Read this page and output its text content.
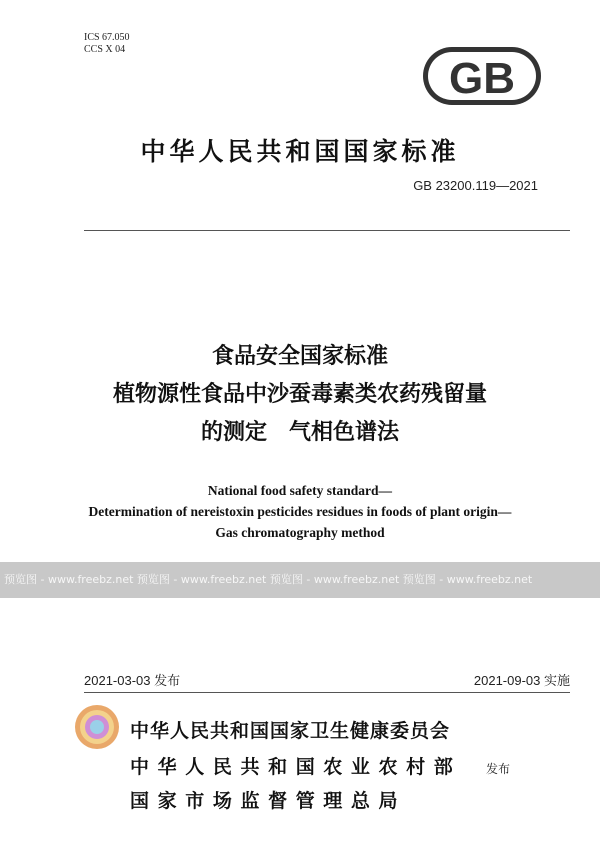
ICS 67.050
CCS X 04
GB
中华人民共和国国家标准
GB 23200.119—2021
食品安全国家标准
植物源性食品中沙蚕毒素类农药残留量
的测定　气相色谱法
National food safety standard—
Determination of nereistoxin pesticides residues in foods of plant origin—
Gas chromatography method
预览图 - www.freebz.net 预览图 - www.freebz.net 预览图 - www.freebz.net 预览图 - www.freebz.net
2021-03-03 发布	2021-09-03 实施
中华人民共和国国家卫生健康委员会
中 华 人 民 共 和 国 农 业 农 村 部	发布
国 家 市 场 监 督 管 理 总 局
